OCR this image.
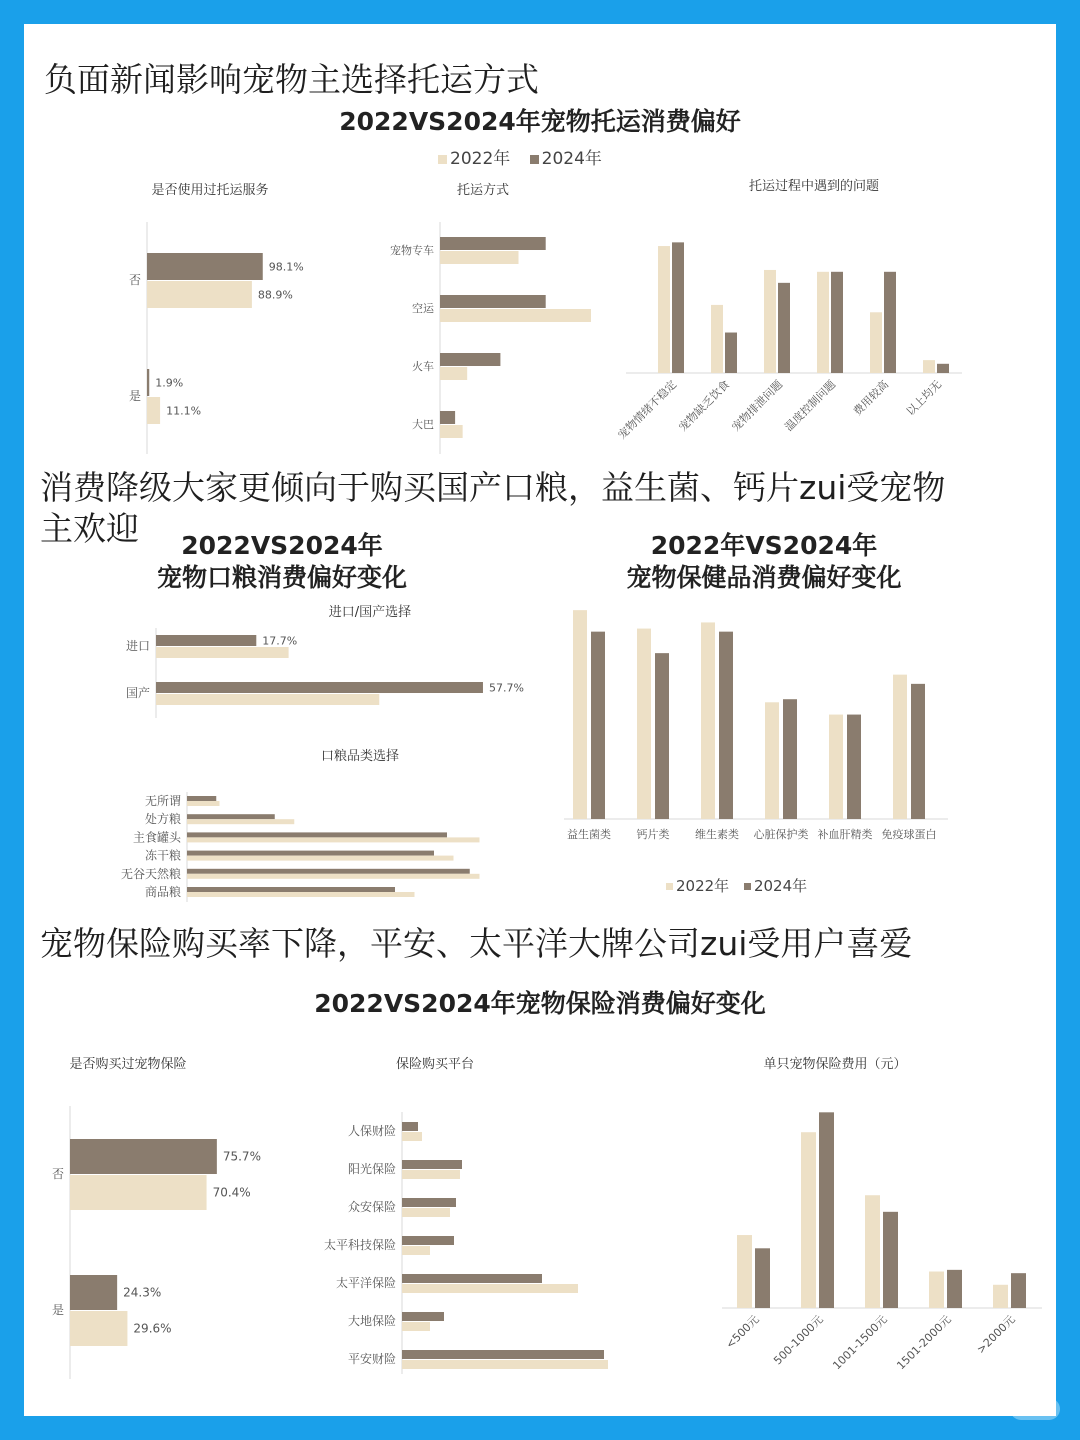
负面新闻影响宠物主选择托运方式
2022VS2024年宠物托运消费偏好
2022年 2024年
是否使用过托运服务	托运方式	托运过程中遇到的问题
消费降级大家更倾向于购买国产口粮，益生菌、钙片zui受宠物
主欢迎	2022VS2024年
宠物口粮消费偏好变化
2022年VS2024年
宠物保健品消费偏好变化
进口/国产选择
口粮品类选择
2022年 2024年
宠物保险购买率下降，平安、太平洋大牌公司zui受用户喜爱
2022VS2024年宠物保险消费偏好变化
是否购买过宠物保险	保险购买平台	单只宠物保险费用（元）
否
98.1%
88.9%
是
1.9%
11.1%
宠物专车
空运
火车
大巴	宠物情绪不稳定
宠物缺乏饮食
宠物排泄问题
温度控制问题 费用较高 以上均无
进口	17.7%
国产	57.7%
无所谓
处方粮
主食罐头
冻干粮
无谷天然粮
商品粮
益生菌类 钙片类 维生素类 心脏保护类 补血肝精类 免疫球蛋白
否
75.7%
70.4%
是
24.3%
29.6%
人保财险
阳光保险
众安保险
太平科技保险
太平洋保险
大地保险
平安财险
<500元 500-1000元 1001-1500元 1501-2000元 >2000元
